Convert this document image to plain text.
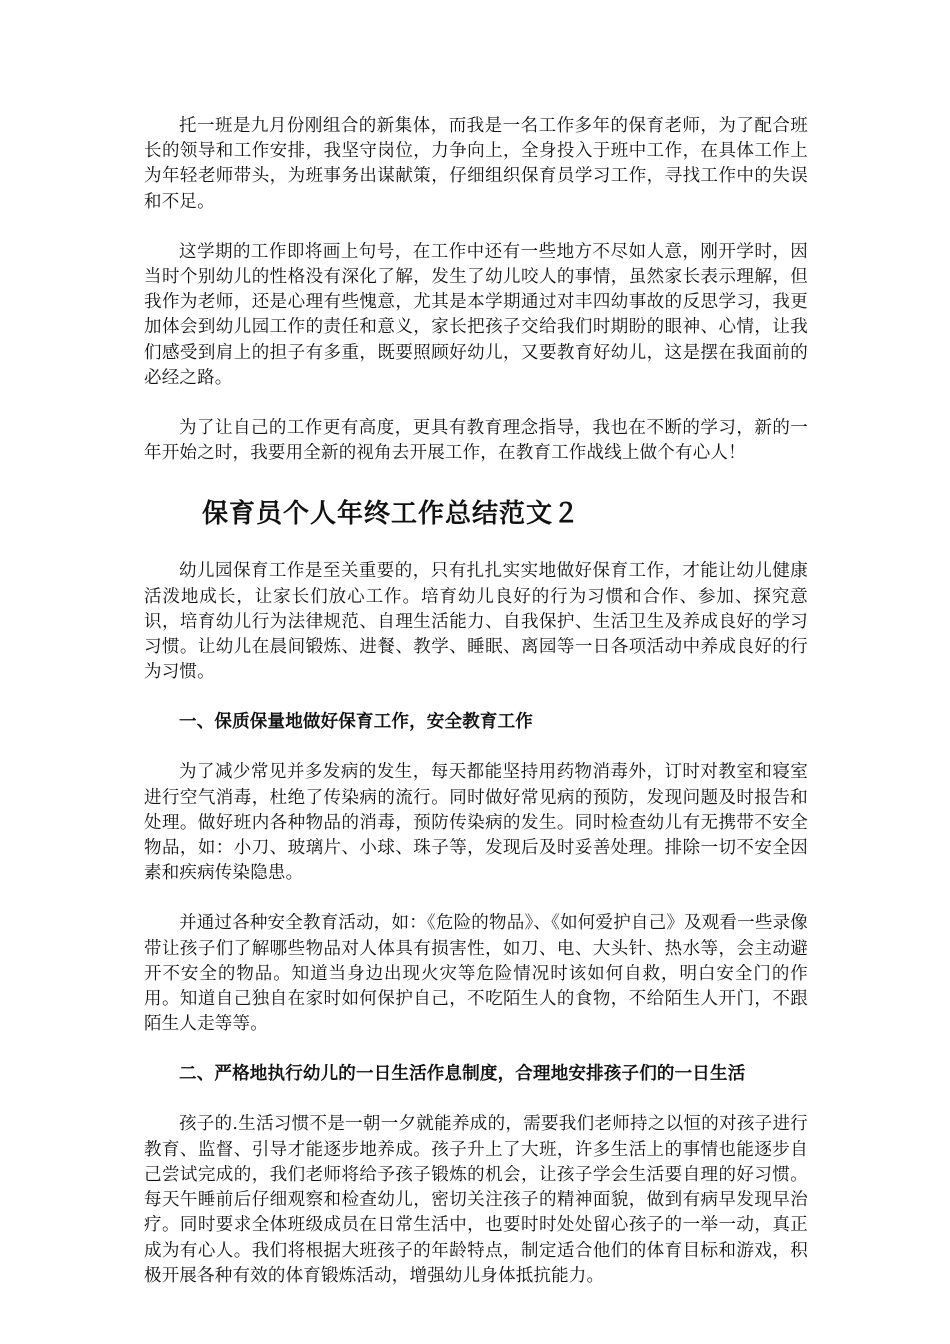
托一班是九月份刚组合的新集体，而我是一名工作多年的保育老师，为了配合班长的领导和工作安排，我坚守岗位，力争向上，全身投入于班中工作，在具体工作上为年轻老师带头，为班事务出谋献策，仔细组织保育员学习工作，寻找工作中的失误和不足。

这学期的工作即将画上句号，在工作中还有一些地方不尽如人意，刚开学时，因当时个别幼儿的性格没有深化了解，发生了幼儿咬人的事情，虽然家长表示理解，但我作为老师，还是心理有些愧意，尤其是本学期通过对丰四幼事故的反思学习，我更加体会到幼儿园工作的责任和意义，家长把孩子交给我们时期盼的眼神、心情，让我们感受到肩上的担子有多重，既要照顾好幼儿，又要教育好幼儿，这是摆在我面前的必经之路。

为了让自己的工作更有高度，更具有教育理念指导，我也在不断的学习，新的一年开始之时，我要用全新的视角去开展工作，在教育工作战线上做个有心人！

保育员个人年终工作总结范文２

幼儿园保育工作是至关重要的，只有扎扎实实地做好保育工作，才能让幼儿健康活泼地成长，让家长们放心工作。培育幼儿良好的行为习惯和合作、参加、探究意识，培育幼儿行为法律规范、自理生活能力、自我保护、生活卫生及养成良好的学习习惯。让幼儿在晨间锻炼、进餐、教学、睡眠、离园等一日各项活动中养成良好的行为习惯。

一、保质保量地做好保育工作，安全教育工作

为了减少常见并多发病的发生，每天都能坚持用药物消毒外，订时对教室和寝室进行空气消毒，杜绝了传染病的流行。同时做好常见病的预防，发现问题及时报告和处理。做好班内各种物品的消毒，预防传染病的发生。同时检查幼儿有无携带不安全物品，如：小刀、玻璃片、小球、珠子等，发现后及时妥善处理。排除一切不安全因素和疾病传染隐患。

并通过各种安全教育活动，如：《危险的物品》、《如何爱护自己》及观看一些录像带让孩子们了解哪些物品对人体具有损害性，如刀、电、大头针、热水等，会主动避开不安全的物品。知道当身边出现火灾等危险情况时该如何自救，明白安全门的作用。知道自己独自在家时如何保护自己，不吃陌生人的食物，不给陌生人开门，不跟陌生人走等等。

二、严格地执行幼儿的一日生活作息制度，合理地安排孩子们的一日生活

孩子的.生活习惯不是一朝一夕就能养成的，需要我们老师持之以恒的对孩子进行教育、监督、引导才能逐步地养成。孩子升上了大班，许多生活上的事情也能逐步自己尝试完成的，我们老师将给予孩子锻炼的机会，让孩子学会生活要自理的好习惯。每天午睡前后仔细观察和检查幼儿，密切关注孩子的精神面貌，做到有病早发现早治疗。同时要求全体班级成员在日常生活中，也要时时处处留心孩子的一举一动，真正成为有心人。我们将根据大班孩子的年龄特点，制定适合他们的体育目标和游戏，积极开展各种有效的体育锻炼活动，增强幼儿身体抵抗能力。
